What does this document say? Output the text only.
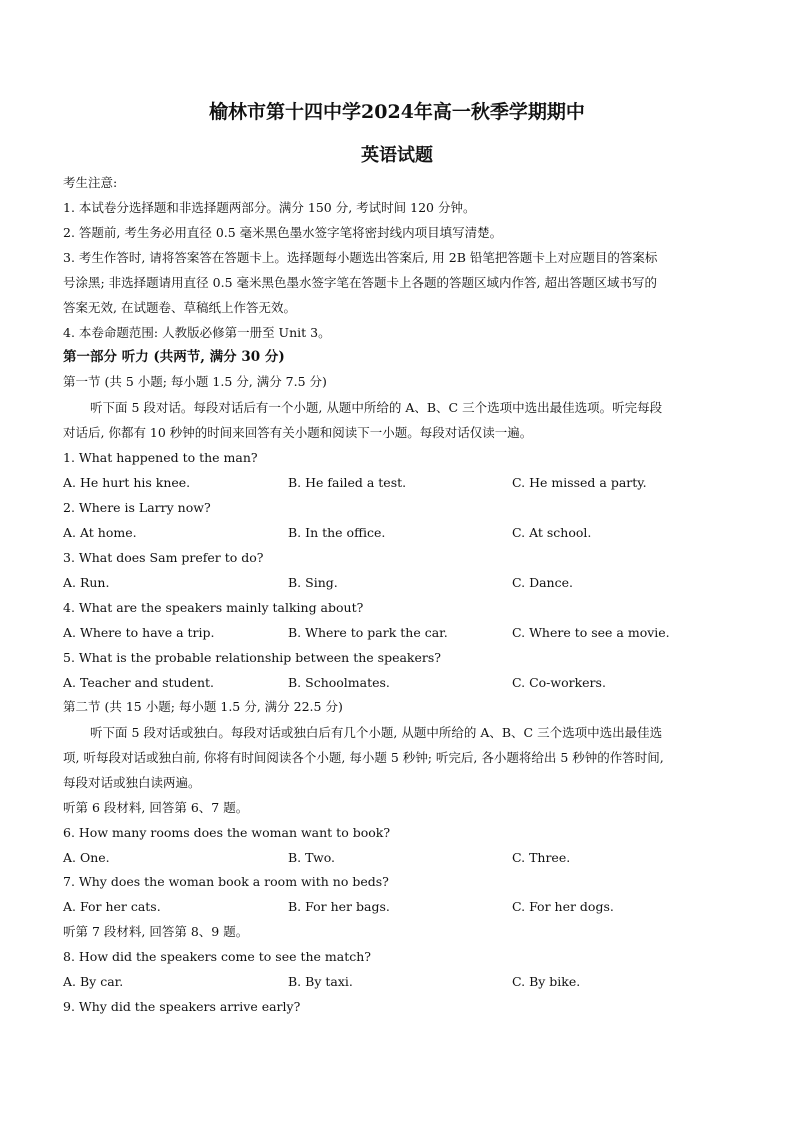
榆林市第十四中学2024年高一秋季学期期中
英语试题
考生注意:
1. 本试卷分选择题和非选择题两部分。满分 150 分, 考试时间 120 分钟。
2. 答题前, 考生务必用直径 0.5 毫米黑色墨水签字笔将密封线内项目填写清楚。
3. 考生作答时, 请将答案答在答题卡上。选择题每小题选出答案后, 用 2B 铅笔把答题卡上对应题目的答案标
号涂黑; 非选择题请用直径 0.5 毫米黑色墨水签字笔在答题卡上各题的答题区域内作答, 超出答题区域书写的
答案无效, 在试题卷、草稿纸上作答无效。
4. 本卷命题范围: 人教版必修第一册至 Unit 3。
第一部分 听力 (共两节, 满分 30 分)
第一节 (共 5 小题; 每小题 1.5 分, 满分 7.5 分)
听下面 5 段对话。每段对话后有一个小题, 从题中所给的 A、B、C 三个选项中选出最佳选项。听完每段
对话后, 你都有 10 秒钟的时间来回答有关小题和阅读下一小题。每段对话仅读一遍。
1. What happened to the man?
A. He hurt his knee.	B. He failed a test.	C. He missed a party.
2. Where is Larry now?
A. At home.	B. In the office.	C. At school.
3. What does Sam prefer to do?
A. Run.	B. Sing.	C. Dance.
4. What are the speakers mainly talking about?
A. Where to have a trip.	B. Where to park the car.	C. Where to see a movie.
5. What is the probable relationship between the speakers?
A. Teacher and student.	B. Schoolmates.	C. Co-workers.
第二节 (共 15 小题; 每小题 1.5 分, 满分 22.5 分)
听下面 5 段对话或独白。每段对话或独白后有几个小题, 从题中所给的 A、B、C 三个选项中选出最佳选
项, 听每段对话或独白前, 你将有时间阅读各个小题, 每小题 5 秒钟; 听完后, 各小题将给出 5 秒钟的作答时间,
每段对话或独白读两遍。
听第 6 段材料, 回答第 6、7 题。
6. How many rooms does the woman want to book?
A. One.	B. Two.	C. Three.
7. Why does the woman book a room with no beds?
A. For her cats.	B. For her bags.	C. For her dogs.
听第 7 段材料, 回答第 8、9 题。
8. How did the speakers come to see the match?
A. By car.	B. By taxi.	C. By bike.
9. Why did the speakers arrive early?
